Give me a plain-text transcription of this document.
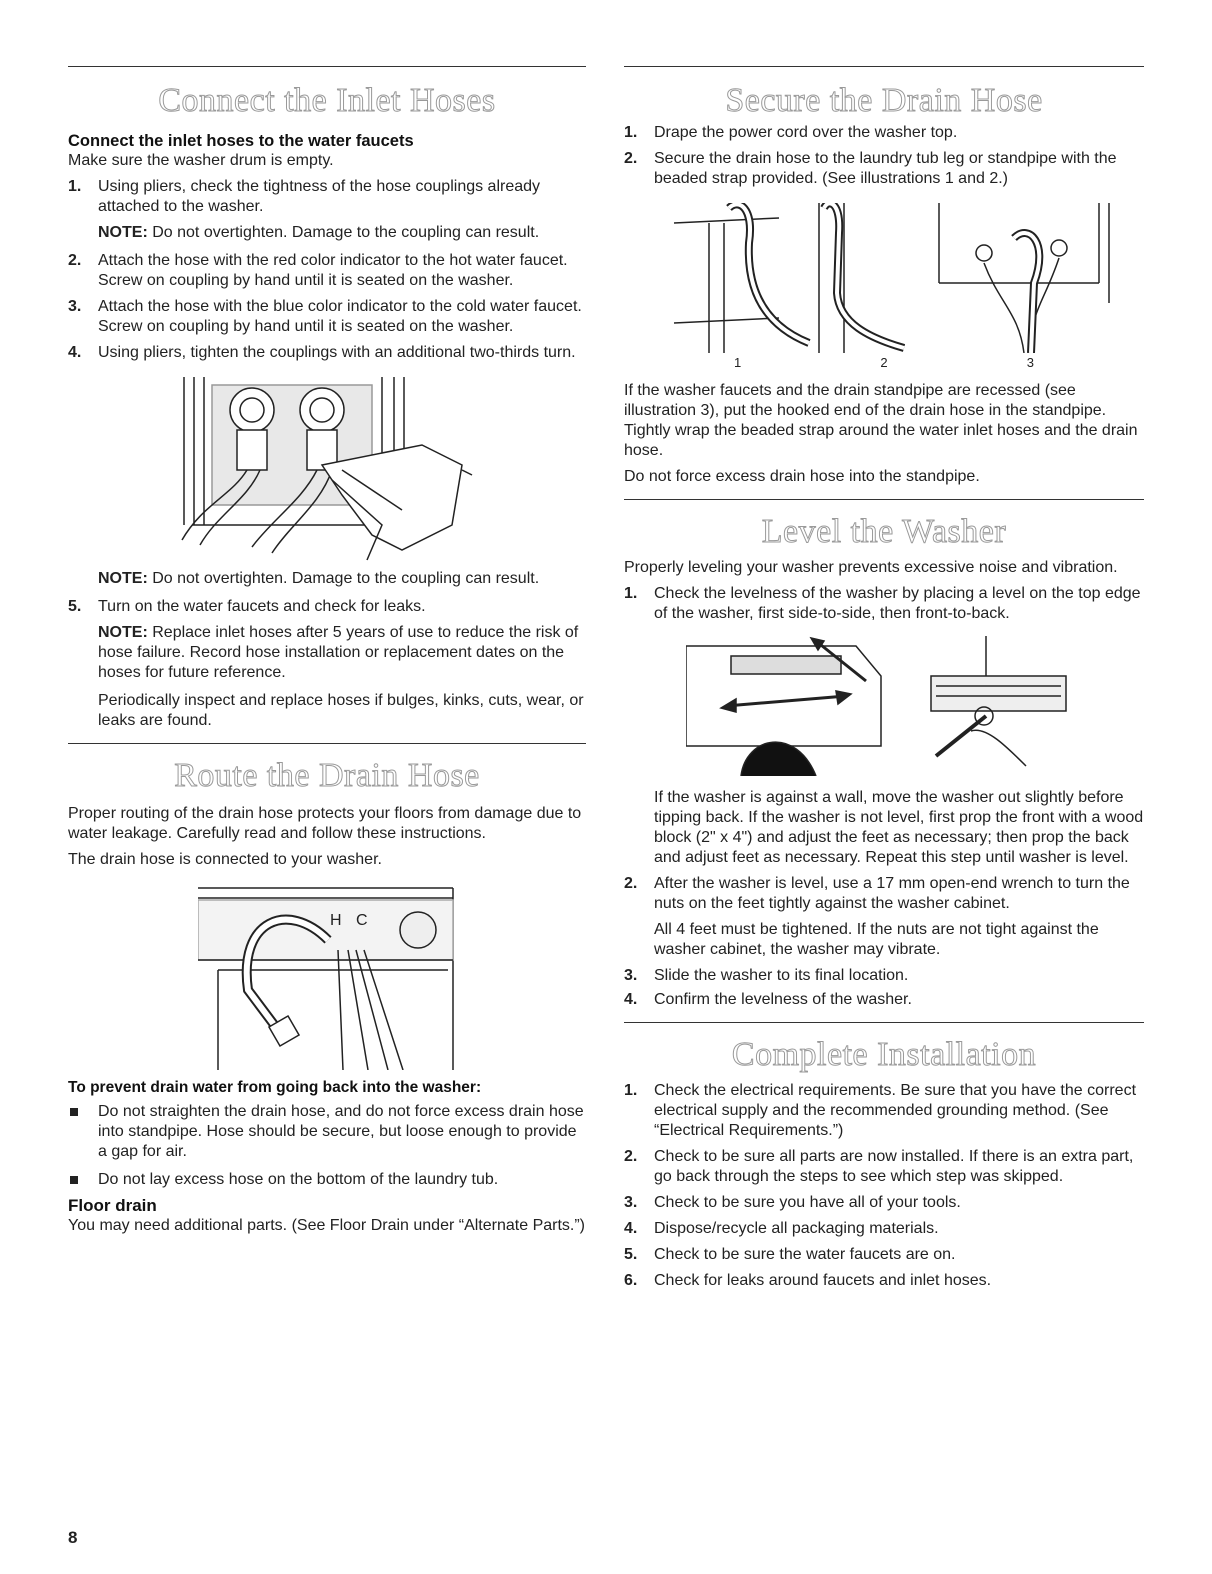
Connect the Inlet Hoses
Connect the inlet hoses to the water faucets

Make sure the washer drum is empty.

1. Using pliers, check the tightness of the hose couplings already attached to the washer.

NOTE: Do not overtighten. Damage to the coupling can result.

2. Attach the hose with the red color indicator to the hot water faucet. Screw on coupling by hand until it is seated on the washer.

3. Attach the hose with the blue color indicator to the cold water faucet. Screw on coupling by hand until it is seated on the washer.

4. Using pliers, tighten the couplings with an additional two-thirds turn.

NOTE: Do not overtighten. Damage to the coupling can result.

5. Turn on the water faucets and check for leaks.

NOTE: Replace inlet hoses after 5 years of use to reduce the risk of hose failure. Record hose installation or replacement dates on the hoses for future reference.

Periodically inspect and replace hoses if bulges, kinks, cuts, wear, or leaks are found.

Route the Drain Hose

Proper routing of the drain hose protects your floors from damage due to water leakage. Carefully read and follow these instructions.

The drain hose is connected to your washer.

H C
To prevent drain water from going back into the washer:

Do not straighten the drain hose, and do not force excess drain hose into standpipe. Hose should be secure, but loose enough to provide a gap for air.

Do not lay excess hose on the bottom of the laundry tub.

Floor drain

You may need additional parts. (See Floor Drain under “Alternate Parts.”)

Secure the Drain Hose
1. Drape the power cord over the washer top.

2. Secure the drain hose to the laundry tub leg or standpipe with the beaded strap provided. (See illustrations 1 and 2.)

1	2	3

If the washer faucets and the drain standpipe are recessed (see illustration 3), put the hooked end of the drain hose in the standpipe. Tightly wrap the beaded strap around the water inlet hoses and the drain hose.

Do not force excess drain hose into the standpipe.

Level the Washer

Properly leveling your washer prevents excessive noise and vibration.

1. Check the levelness of the washer by placing a level on the top edge of the washer, first side-to-side, then front-to-back.

If the washer is against a wall, move the washer out slightly before tipping back. If the washer is not level, first prop the front with a wood block (2" x 4") and adjust the feet as necessary; then prop the back and adjust feet as necessary. Repeat this step until washer is level.

2. After the washer is level, use a 17 mm open-end wrench to turn the nuts on the feet tightly against the washer cabinet.

All 4 feet must be tightened. If the nuts are not tight against the washer cabinet, the washer may vibrate.

3. Slide the washer to its final location.

4. Confirm the levelness of the washer.

Complete Installation
1. Check the electrical requirements. Be sure that you have the correct electrical supply and the recommended grounding method. (See “Electrical Requirements.”)

2. Check to be sure all parts are now installed. If there is an extra part, go back through the steps to see which step was skipped.

3. Check to be sure you have all of your tools.

4. Dispose/recycle all packaging materials.

5. Check to be sure the water faucets are on.

6. Check for leaks around faucets and inlet hoses.

8
